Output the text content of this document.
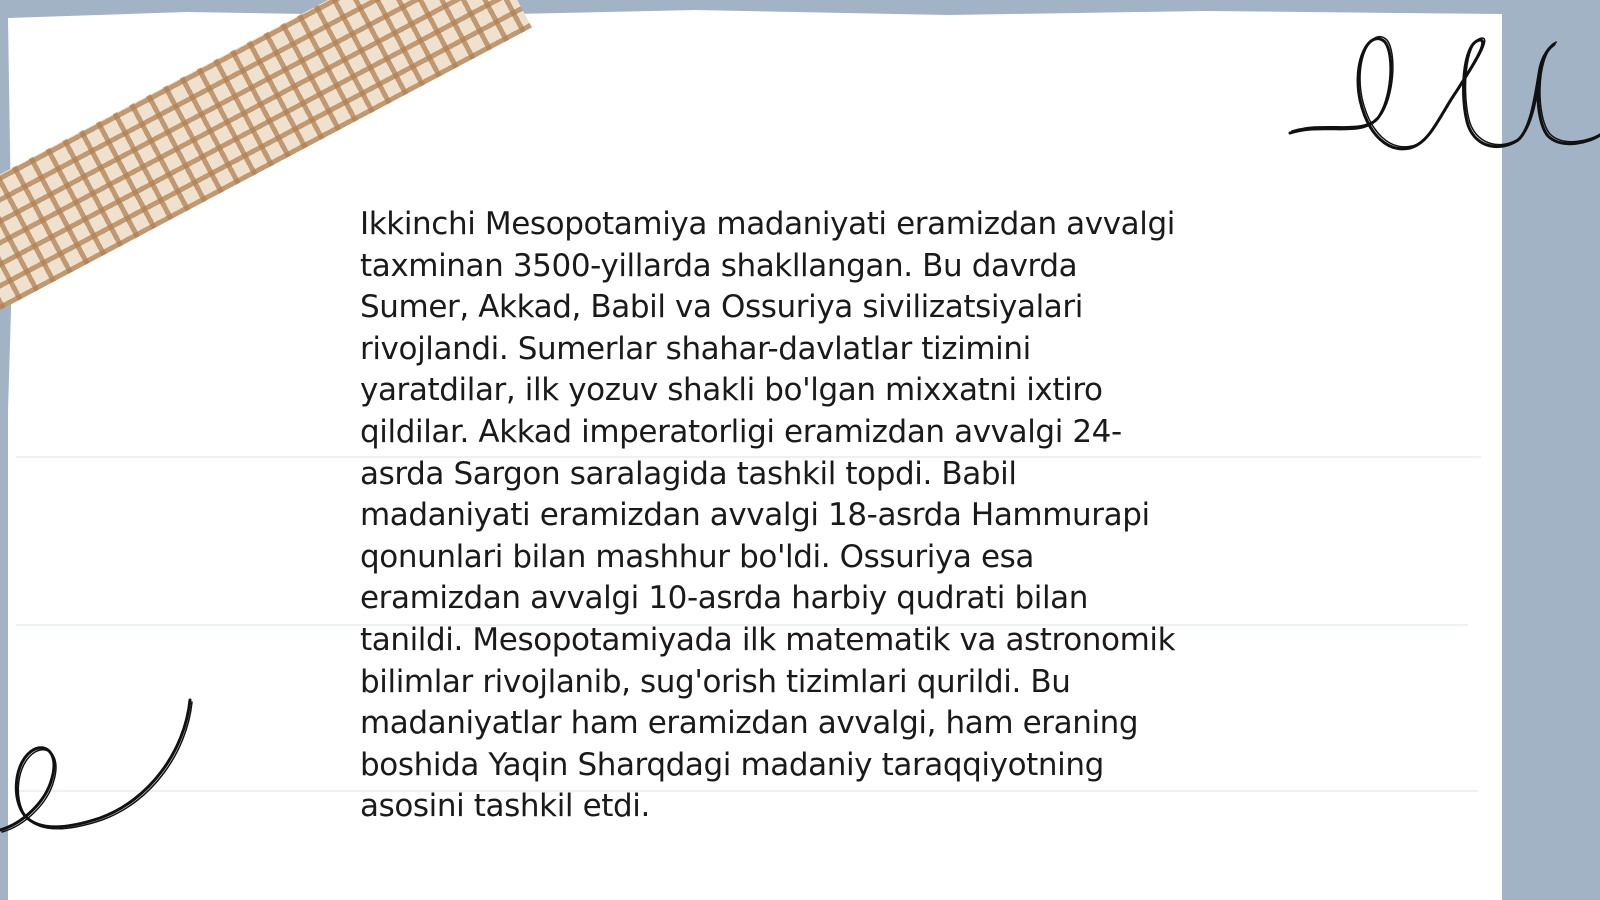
Ikkinchi Mesopotamiya madaniyati eramizdan avvalgi
taxminan 3500-yillarda shakllangan. Bu davrda
Sumer, Akkad, Babil va Ossuriya sivilizatsiyalari
rivojlandi. Sumerlar shahar-davlatlar tizimini
yaratdilar, ilk yozuv shakli bo'lgan mixxatni ixtiro
qildilar. Akkad imperatorligi eramizdan avvalgi 24-
asrda Sargon saralagida tashkil topdi. Babil
madaniyati eramizdan avvalgi 18-asrda Hammurapi
qonunlari bilan mashhur bo'ldi. Ossuriya esa
eramizdan avvalgi 10-asrda harbiy qudrati bilan
tanildi. Mesopotamiyada ilk matematik va astronomik
bilimlar rivojlanib, sug'orish tizimlari qurildi. Bu
madaniyatlar ham eramizdan avvalgi, ham eraning
boshida Yaqin Sharqdagi madaniy taraqqiyotning
asosini tashkil etdi.
